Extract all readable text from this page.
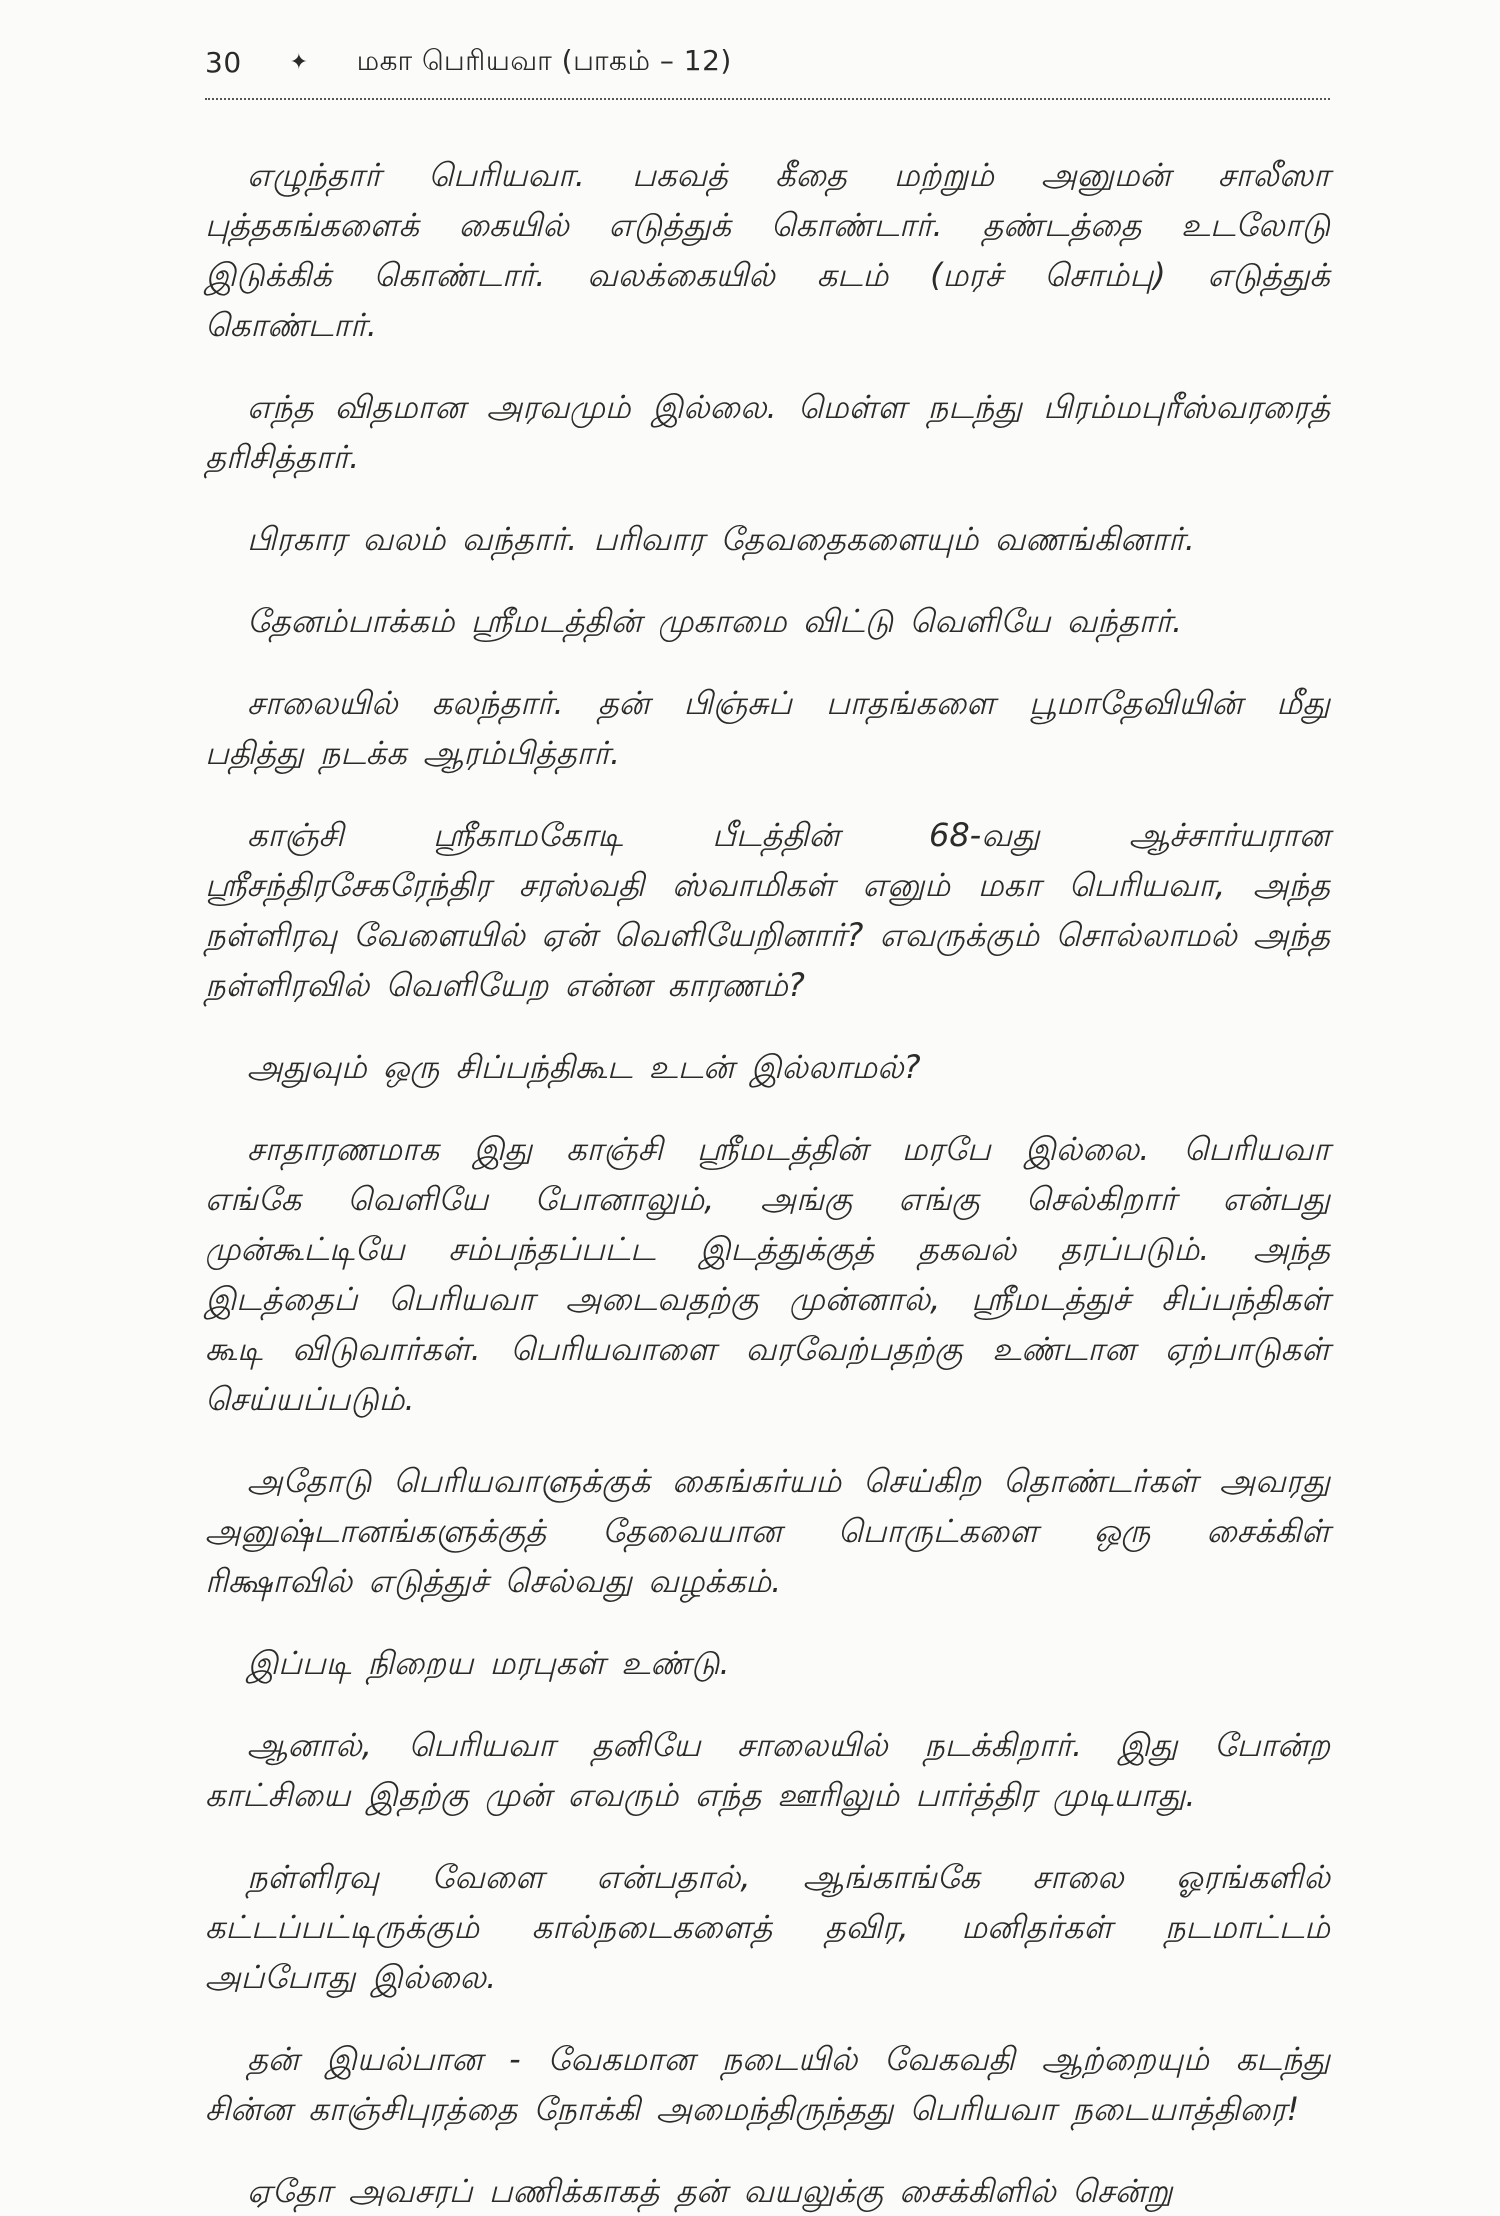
30 ✦ மகா பெரியவா (பாகம் – 12)

எழுந்தார் பெரியவா. பகவத் கீதை மற்றும் அனுமன் சாலீஸா புத்தகங்களைக் கையில் எடுத்துக் கொண்டார். தண்டத்தை உடலோடு இடுக்கிக் கொண்டார். வலக்கையில் கடம் (மரச் சொம்பு) எடுத்துக் கொண்டார்.

எந்த விதமான அரவமும் இல்லை. மெள்ள நடந்து பிரம்மபுரீஸ்வரரைத் தரிசித்தார்.

பிரகார வலம் வந்தார். பரிவார தேவதைகளையும் வணங்கினார்.

தேனம்பாக்கம் ஸ்ரீமடத்தின் முகாமை விட்டு வெளியே வந்தார்.

சாலையில் கலந்தார். தன் பிஞ்சுப் பாதங்களை பூமாதேவியின் மீது பதித்து நடக்க ஆரம்பித்தார்.

காஞ்சி ஸ்ரீகாமகோடி பீடத்தின் 68-வது ஆச்சார்யரான ஸ்ரீசந்திரசேகரேந்திர சரஸ்வதி ஸ்வாமிகள் எனும் மகா பெரியவா, அந்த நள்ளிரவு வேளையில் ஏன் வெளியேறினார்? எவருக்கும் சொல்லாமல் அந்த நள்ளிரவில் வெளியேற என்ன காரணம்?

அதுவும் ஒரு சிப்பந்திகூட உடன் இல்லாமல்?

சாதாரணமாக இது காஞ்சி ஸ்ரீமடத்தின் மரபே இல்லை. பெரியவா எங்கே வெளியே போனாலும், அங்கு எங்கு செல்கிறார் என்பது முன்கூட்டியே சம்பந்தப்பட்ட இடத்துக்குத் தகவல் தரப்படும். அந்த இடத்தைப் பெரியவா அடைவதற்கு முன்னால், ஸ்ரீமடத்துச் சிப்பந்திகள் கூடி விடுவார்கள். பெரியவாளை வரவேற்பதற்கு உண்டான ஏற்பாடுகள் செய்யப்படும்.

அதோடு பெரியவாளுக்குக் கைங்கர்யம் செய்கிற தொண்டர்கள் அவரது அனுஷ்டானங்களுக்குத் தேவையான பொருட்களை ஒரு சைக்கிள் ரிக்ஷாவில் எடுத்துச் செல்வது வழக்கம்.

இப்படி நிறைய மரபுகள் உண்டு.

ஆனால், பெரியவா தனியே சாலையில் நடக்கிறார். இது போன்ற காட்சியை இதற்கு முன் எவரும் எந்த ஊரிலும் பார்த்திர முடியாது.

நள்ளிரவு வேளை என்பதால், ஆங்காங்கே சாலை ஓரங்களில் கட்டப்பட்டிருக்கும் கால்நடைகளைத் தவிர, மனிதர்கள் நடமாட்டம் அப்போது இல்லை.

தன் இயல்பான - வேகமான நடையில் வேகவதி ஆற்றையும் கடந்து சின்ன காஞ்சிபுரத்தை நோக்கி அமைந்திருந்தது பெரியவா நடையாத்திரை!

ஏதோ அவசரப் பணிக்காகத் தன் வயலுக்கு சைக்கிளில் சென்று
